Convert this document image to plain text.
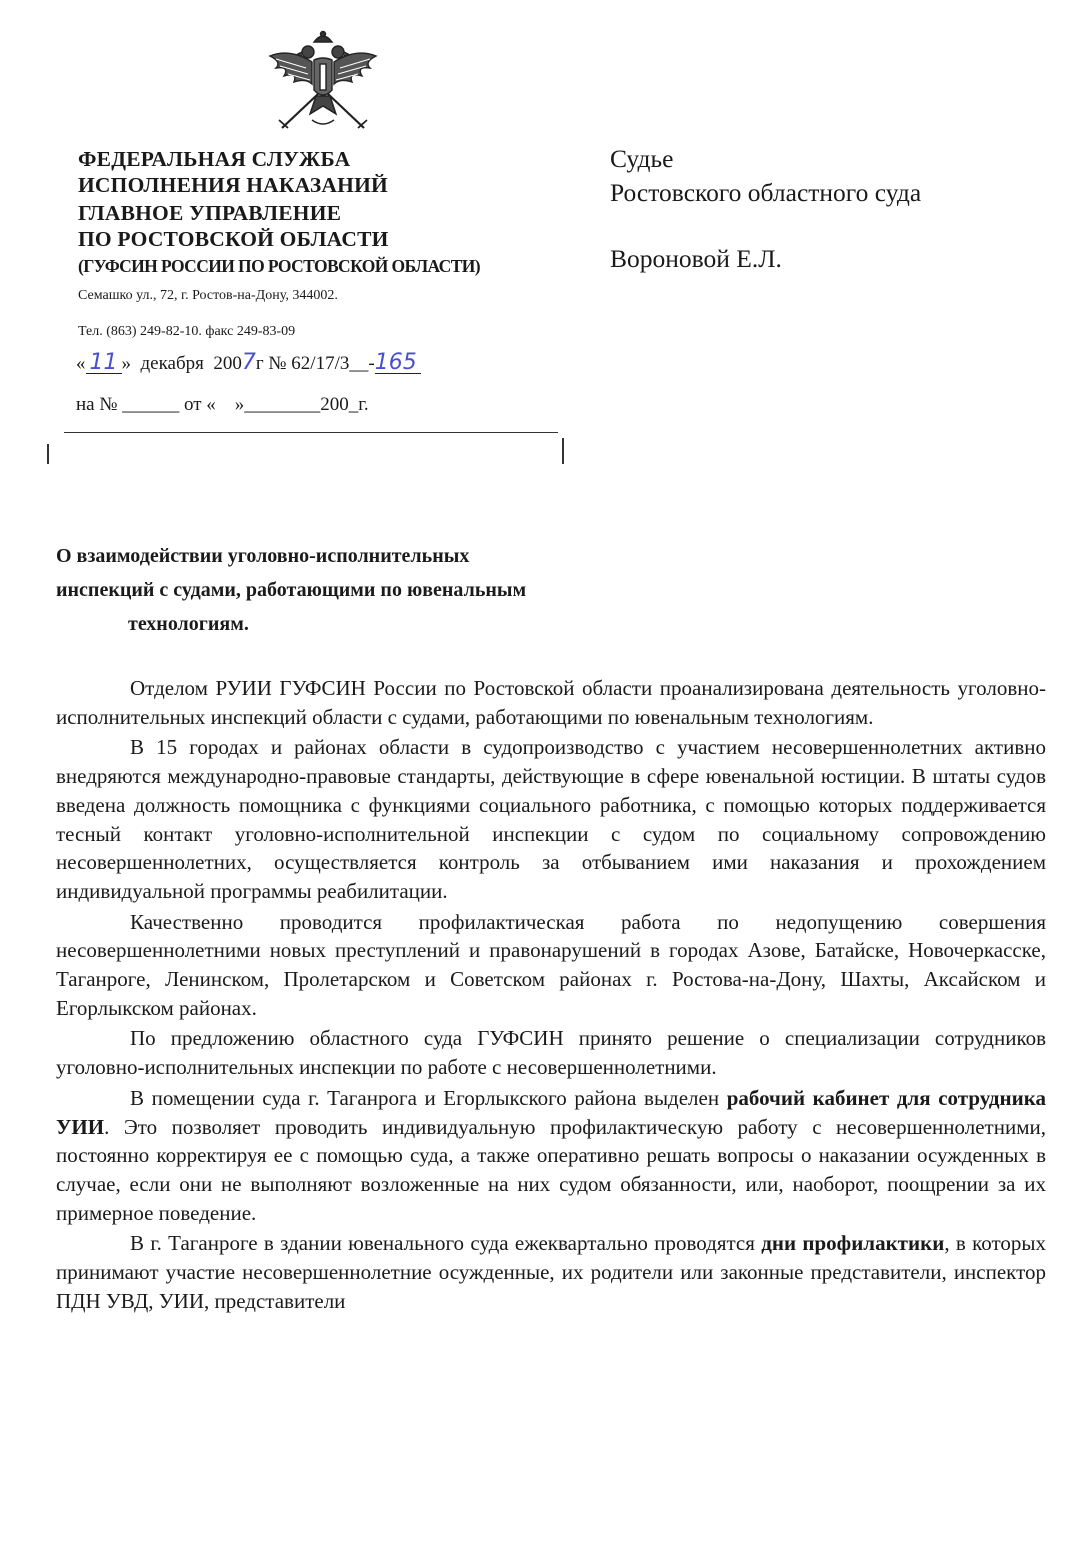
ФЕДЕРАЛЬНАЯ СЛУЖБА
ИСПОЛНЕНИЯ НАКАЗАНИЙ
ГЛАВНОЕ УПРАВЛЕНИЕ
ПО РОСТОВСКОЙ ОБЛАСТИ
(ГУФСИН РОССИИ ПО РОСТОВСКОЙ ОБЛАСТИ)
Семашко ул., 72, г. Ростов-на-Дону, 344002.
Тел. (863) 249-82-10. факс 249-83-09
« 11 » декабря 2007г № 62/17/3__-165
на № ______ от «    »________200_г.
Судье
Ростовского областного суда
Вороновой Е.Л.
О взаимодействии уголовно-исполнительных
инспекций с судами, работающими по ювенальным
технологиям.

Отделом РУИИ ГУФСИН России по Ростовской области проанализирована деятельность уголовно-исполнительных инспекций области с судами, работающими по ювенальным технологиям.

В 15 городах и районах области в судопроизводство с участием несовершеннолетних активно внедряются международно-правовые стандарты, действующие в сфере ювенальной юстиции. В штаты судов введена должность помощника с функциями социального работника, с помощью которых поддерживается тесный контакт уголовно-исполнительной инспекции с судом по социальному сопровождению несовершеннолетних, осуществляется контроль за отбыванием ими наказания и прохождением индивидуальной программы реабилитации.

Качественно проводится профилактическая работа по недопущению совершения несовершеннолетними новых преступлений и правонарушений в городах Азове, Батайске, Новочеркасске, Таганроге, Ленинском, Пролетарском и Советском районах г. Ростова-на-Дону, Шахты, Аксайском и Егорлыкском районах.

По предложению областного суда ГУФСИН принято решение о специализации сотрудников уголовно-исполнительных инспекции по работе с несовершеннолетними.

В помещении суда г. Таганрога и Егорлыкского района выделен рабочий кабинет для сотрудника УИИ. Это позволяет проводить индивидуальную профилактическую работу с несовершеннолетними, постоянно корректируя ее с помощью суда, а также оперативно решать вопросы о наказании осужденных в случае, если они не выполняют возложенные на них судом обязанности, или, наоборот, поощрении за их примерное поведение.

В г. Таганроге в здании ювенального суда ежеквартально проводятся дни профилактики, в которых принимают участие несовершеннолетние осужденные, их родители или законные представители, инспектор ПДН УВД, УИИ, представители
